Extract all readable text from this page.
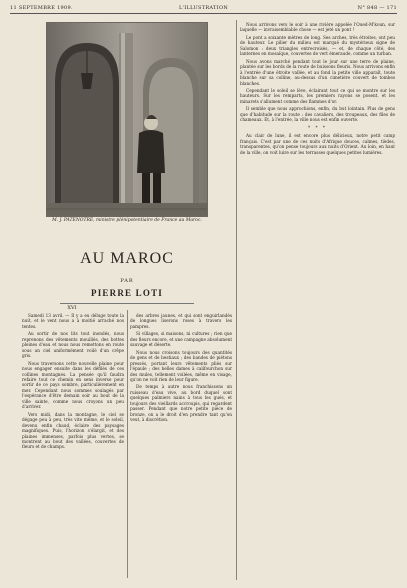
11 SEPTEMBRE 1909.	L'ILLUSTRATION	N° 848 — 171
M. J. PATENOTRE, ministre plénipotentiaire de France au Maroc.
AU MAROC
PAR
PIERRE LOTI
XVI

Samedi 13 avril. — Il y a eu déluge toute la nuit, et le vent nous a à moitié arraché nos tentes.

Au sortir de nos lits tout inondés, nous reprenons des vêtements mouillés, des bottes pleines d'eau et nous nous remettons en route sous un ciel uniformément voilé d'un crêpe gris.

Nous traversons cette nouvelle plaine pour nous engager ensuite dans les défilés de ces collines montagnes. La pensée qu'il faudra refaire tout ce chemin en sens inverse pour sortir de ce pays sombre, particulièrement en mer. Cependant nous sommes soulagés par l'espérance d'être demain soir au bout de la ville sainte, comme nous croyons un peu d'arriver.

Vers midi, dans la montagne, le ciel se dégage peu à peu, très vite même, et le soleil, devenu enfin chaud, éclaire des paysages magnifiques. Puis, l'horizon s'élargit, et des plaines immenses, parfois plus vertes, se montrent au bout des vallées, couvertes de fleurs et de champs.

des arbres jaunes, et qui sont enguirlandés de longues liserons roses à travers les pampres.

Si villages, si maisons, ni cultures ; rien que des fleurs encore, et une campagne absolument sauvage et déserte.

Nous nous croisons toujours des quantités de gens et de bestiaux ; des bandes de piétons pressés, portant leurs vêtements pliés sur l'épaule ; des belles dames à califourchon sur des mules, tellement voilées, même en visage, qu'on ne voit rien de leur figure.

De temps à autre nous franchissons un ruisseau d'eau vive, au bord duquel sont quelques palmiers nains à tous les gués, et toujours des vieillards accroupis, qui regardent passer. Pendant que notre petite pièce de bronze, on a le droit d'en prendre tant qu'on veut, à discrétion.

Nous arrivons vers le soir à une rivière appelée l'Oued-M'koun, sur laquelle — invraisemblable chose — est jeté un pont !

Le pont a soixante mètres de long. Ses arches, très étroites, ont peu de hauteur. Le pilier du milieu est marqué du mystérieux signe de Salomon : deux triangles entrecroisés, — et, de chaque côté, des lanternes en mosaïque, couvertes de vert émeraude, comme un turban.

Nous avons marché pendant tout le jour sur une terre de plaine, plantée sur les bords de la route de buissons fleuris. Nous arrivons enfin à l'entrée d'une étroite vallée, et au fond la petite ville apparaît, toute blanche sur sa colline, au-dessus d'un cimetière couvert de tombes blanches.

Cependant le soleil se lève, éclairant tout ce qui se montre sur les hauteurs. Sur les remparts, les premiers rayons se posent, et les minarets s'allument comme des flammes d'or.

Il semble que nous approchions, enfin, du but lointain. Plus de gens que d'habitude sur la route : des cavaliers, des troupeaux, des files de chameaux. Et, à l'entrée, la ville nous est enfin ouverte.

* * *

Au clair de lune, il est encore plus délicieux, notre petit camp français. C'est par une de ces nuits d'Afrique douces, calmes, tièdes, transparentes, qu'on pense toujours aux nuits d'Orient. Au loin, en haut de la ville, on voit luire sur les terrasses quelques petites lumières.
